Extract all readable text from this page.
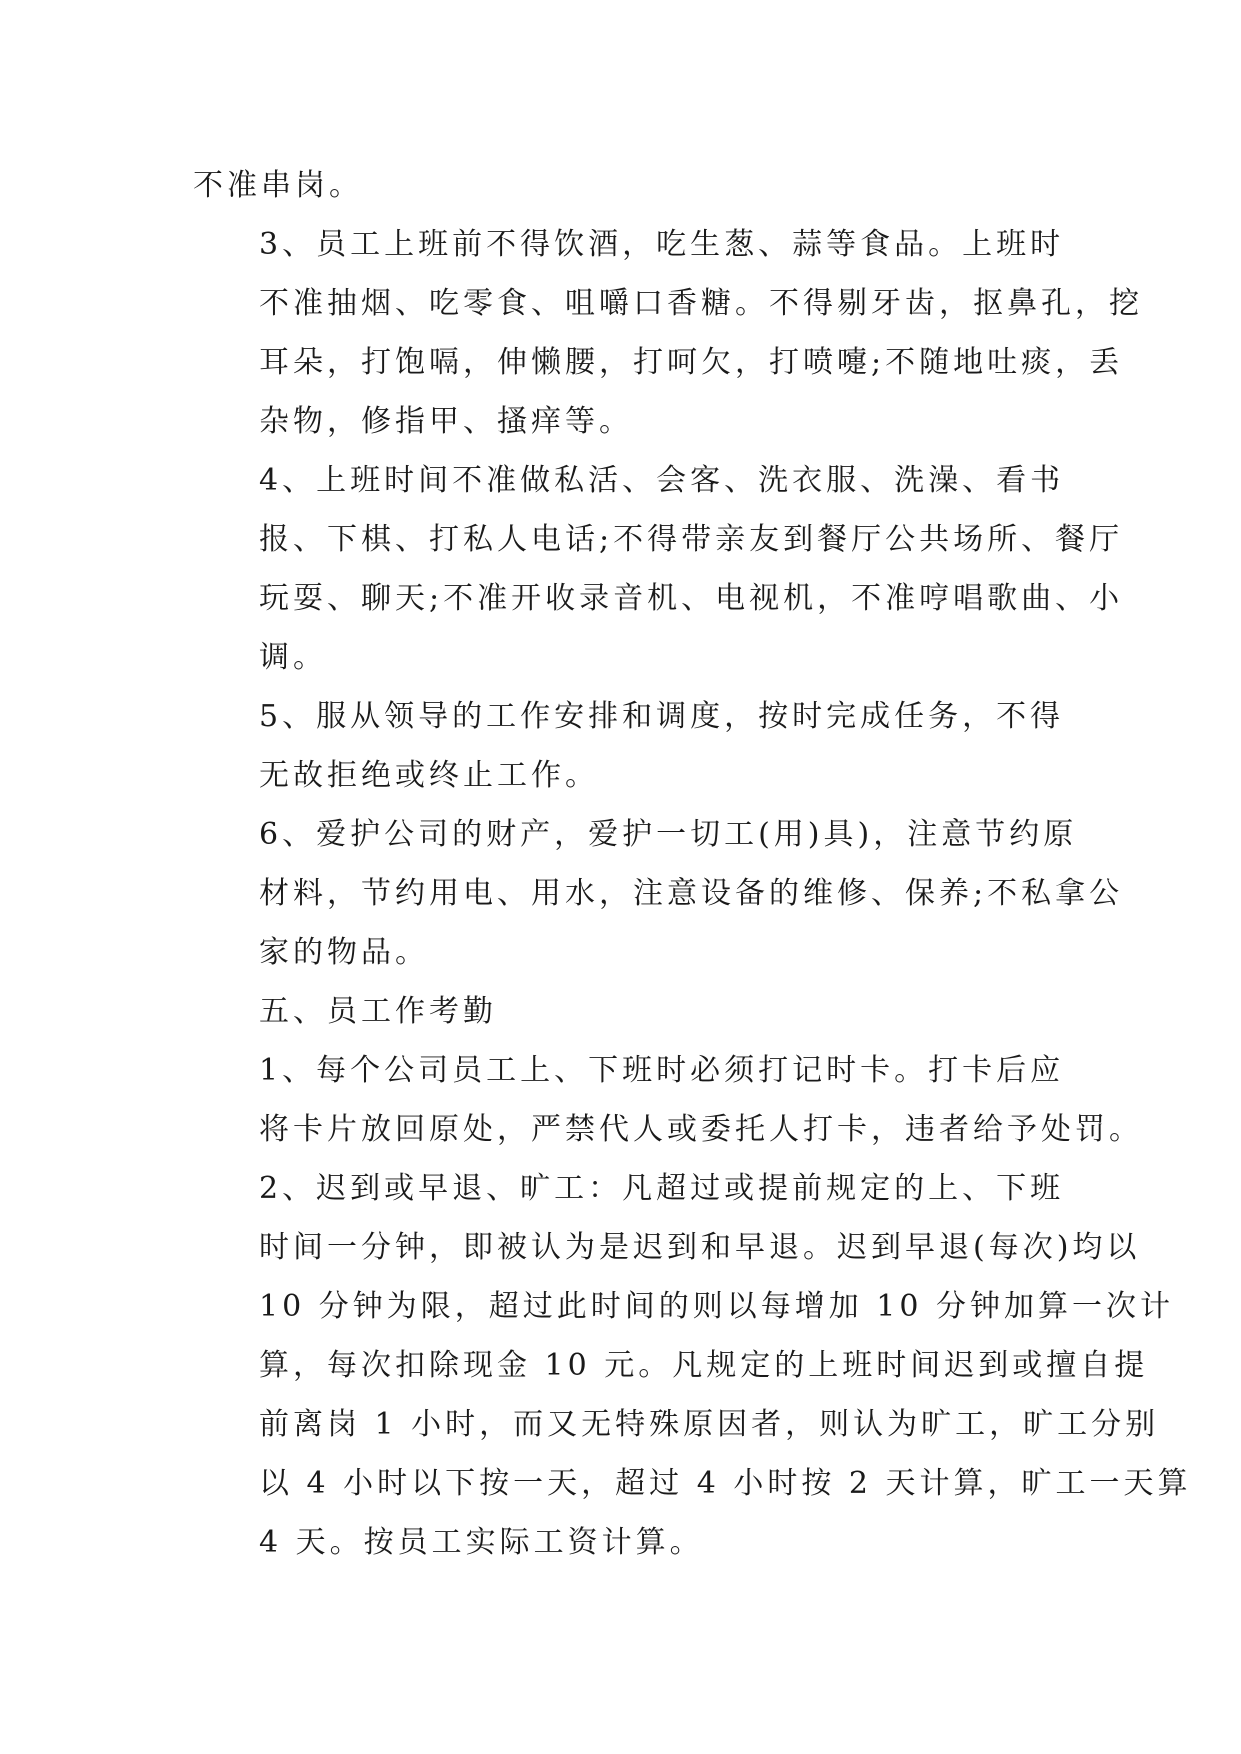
不准串岗。

3、员工上班前不得饮酒，吃生葱、蒜等食品。上班时
不准抽烟、吃零食、咀嚼口香糖。不得剔牙齿，抠鼻孔，挖
耳朵，打饱嗝，伸懒腰，打呵欠，打喷嚏;不随地吐痰，丢
杂物，修指甲、搔痒等。

4、上班时间不准做私活、会客、洗衣服、洗澡、看书
报、下棋、打私人电话;不得带亲友到餐厅公共场所、餐厅
玩耍、聊天;不准开收录音机、电视机，不准哼唱歌曲、小
调。

5、服从领导的工作安排和调度，按时完成任务，不得
无故拒绝或终止工作。

6、爱护公司的财产，爱护一切工(用)具)，注意节约原
材料，节约用电、用水，注意设备的维修、保养;不私拿公
家的物品。

五、员工作考勤

1、每个公司员工上、下班时必须打记时卡。打卡后应
将卡片放回原处，严禁代人或委托人打卡，违者给予处罚。

2、迟到或早退、旷工：凡超过或提前规定的上、下班
时间一分钟，即被认为是迟到和早退。迟到早退(每次)均以
10 分钟为限，超过此时间的则以每增加 10 分钟加算一次计
算，每次扣除现金 10 元。凡规定的上班时间迟到或擅自提
前离岗 1 小时，而又无特殊原因者，则认为旷工，旷工分别
以 4 小时以下按一天，超过 4 小时按 2 天计算，旷工一天算
4 天。按员工实际工资计算。
